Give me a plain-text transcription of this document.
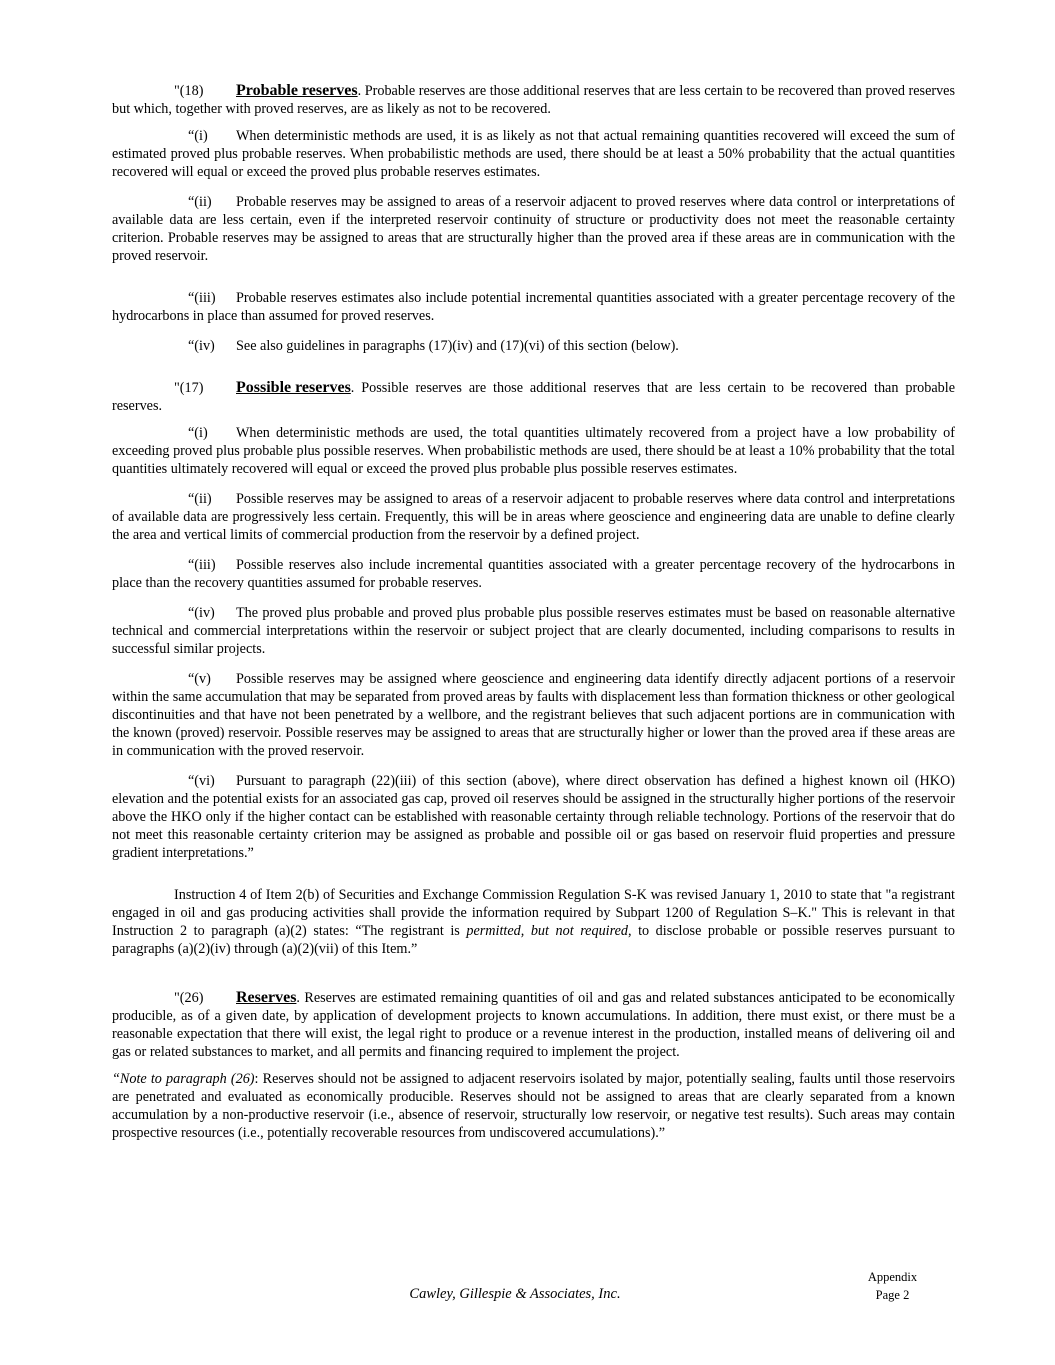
"(18) Probable reserves. Probable reserves are those additional reserves that are less certain to be recovered than proved reserves but which, together with proved reserves, are as likely as not to be recovered.

“(i) When deterministic methods are used, it is as likely as not that actual remaining quantities recovered will exceed the sum of estimated proved plus probable reserves. When probabilistic methods are used, there should be at least a 50% probability that the actual quantities recovered will equal or exceed the proved plus probable reserves estimates.

“(ii) Probable reserves may be assigned to areas of a reservoir adjacent to proved reserves where data control or interpretations of available data are less certain, even if the interpreted reservoir continuity of structure or productivity does not meet the reasonable certainty criterion. Probable reserves may be assigned to areas that are structurally higher than the proved area if these areas are in communication with the proved reservoir.

“(iii) Probable reserves estimates also include potential incremental quantities associated with a greater percentage recovery of the hydrocarbons in place than assumed for proved reserves.

“(iv) See also guidelines in paragraphs (17)(iv) and (17)(vi) of this section (below).

"(17) Possible reserves. Possible reserves are those additional reserves that are less certain to be recovered than probable reserves.

“(i) When deterministic methods are used, the total quantities ultimately recovered from a project have a low probability of exceeding proved plus probable plus possible reserves. When probabilistic methods are used, there should be at least a 10% probability that the total quantities ultimately recovered will equal or exceed the proved plus probable plus possible reserves estimates.

“(ii) Possible reserves may be assigned to areas of a reservoir adjacent to probable reserves where data control and interpretations of available data are progressively less certain. Frequently, this will be in areas where geoscience and engineering data are unable to define clearly the area and vertical limits of commercial production from the reservoir by a defined project.

“(iii) Possible reserves also include incremental quantities associated with a greater percentage recovery of the hydrocarbons in place than the recovery quantities assumed for probable reserves.

“(iv) The proved plus probable and proved plus probable plus possible reserves estimates must be based on reasonable alternative technical and commercial interpretations within the reservoir or subject project that are clearly documented, including comparisons to results in successful similar projects.

“(v) Possible reserves may be assigned where geoscience and engineering data identify directly adjacent portions of a reservoir within the same accumulation that may be separated from proved areas by faults with displacement less than formation thickness or other geological discontinuities and that have not been penetrated by a wellbore, and the registrant believes that such adjacent portions are in communication with the known (proved) reservoir. Possible reserves may be assigned to areas that are structurally higher or lower than the proved area if these areas are in communication with the proved reservoir.

“(vi) Pursuant to paragraph (22)(iii) of this section (above), where direct observation has defined a highest known oil (HKO) elevation and the potential exists for an associated gas cap, proved oil reserves should be assigned in the structurally higher portions of the reservoir above the HKO only if the higher contact can be established with reasonable certainty through reliable technology. Portions of the reservoir that do not meet this reasonable certainty criterion may be assigned as probable and possible oil or gas based on reservoir fluid properties and pressure gradient interpretations.”

Instruction 4 of Item 2(b) of Securities and Exchange Commission Regulation S-K was revised January 1, 2010 to state that "a registrant engaged in oil and gas producing activities shall provide the information required by Subpart 1200 of Regulation S–K." This is relevant in that Instruction 2 to paragraph (a)(2) states: “The registrant is permitted, but not required, to disclose probable or possible reserves pursuant to paragraphs (a)(2)(iv) through (a)(2)(vii) of this Item.”

"(26) Reserves. Reserves are estimated remaining quantities of oil and gas and related substances anticipated to be economically producible, as of a given date, by application of development projects to known accumulations. In addition, there must exist, or there must be a reasonable expectation that there will exist, the legal right to produce or a revenue interest in the production, installed means of delivering oil and gas or related substances to market, and all permits and financing required to implement the project.

“Note to paragraph (26): Reserves should not be assigned to adjacent reservoirs isolated by major, potentially sealing, faults until those reservoirs are penetrated and evaluated as economically producible. Reserves should not be assigned to areas that are clearly separated from a known accumulation by a non-productive reservoir (i.e., absence of reservoir, structurally low reservoir, or negative test results). Such areas may contain prospective resources (i.e., potentially recoverable resources from undiscovered accumulations).”

Cawley, Gillespie & Associates, Inc.
Appendix
Page 2
